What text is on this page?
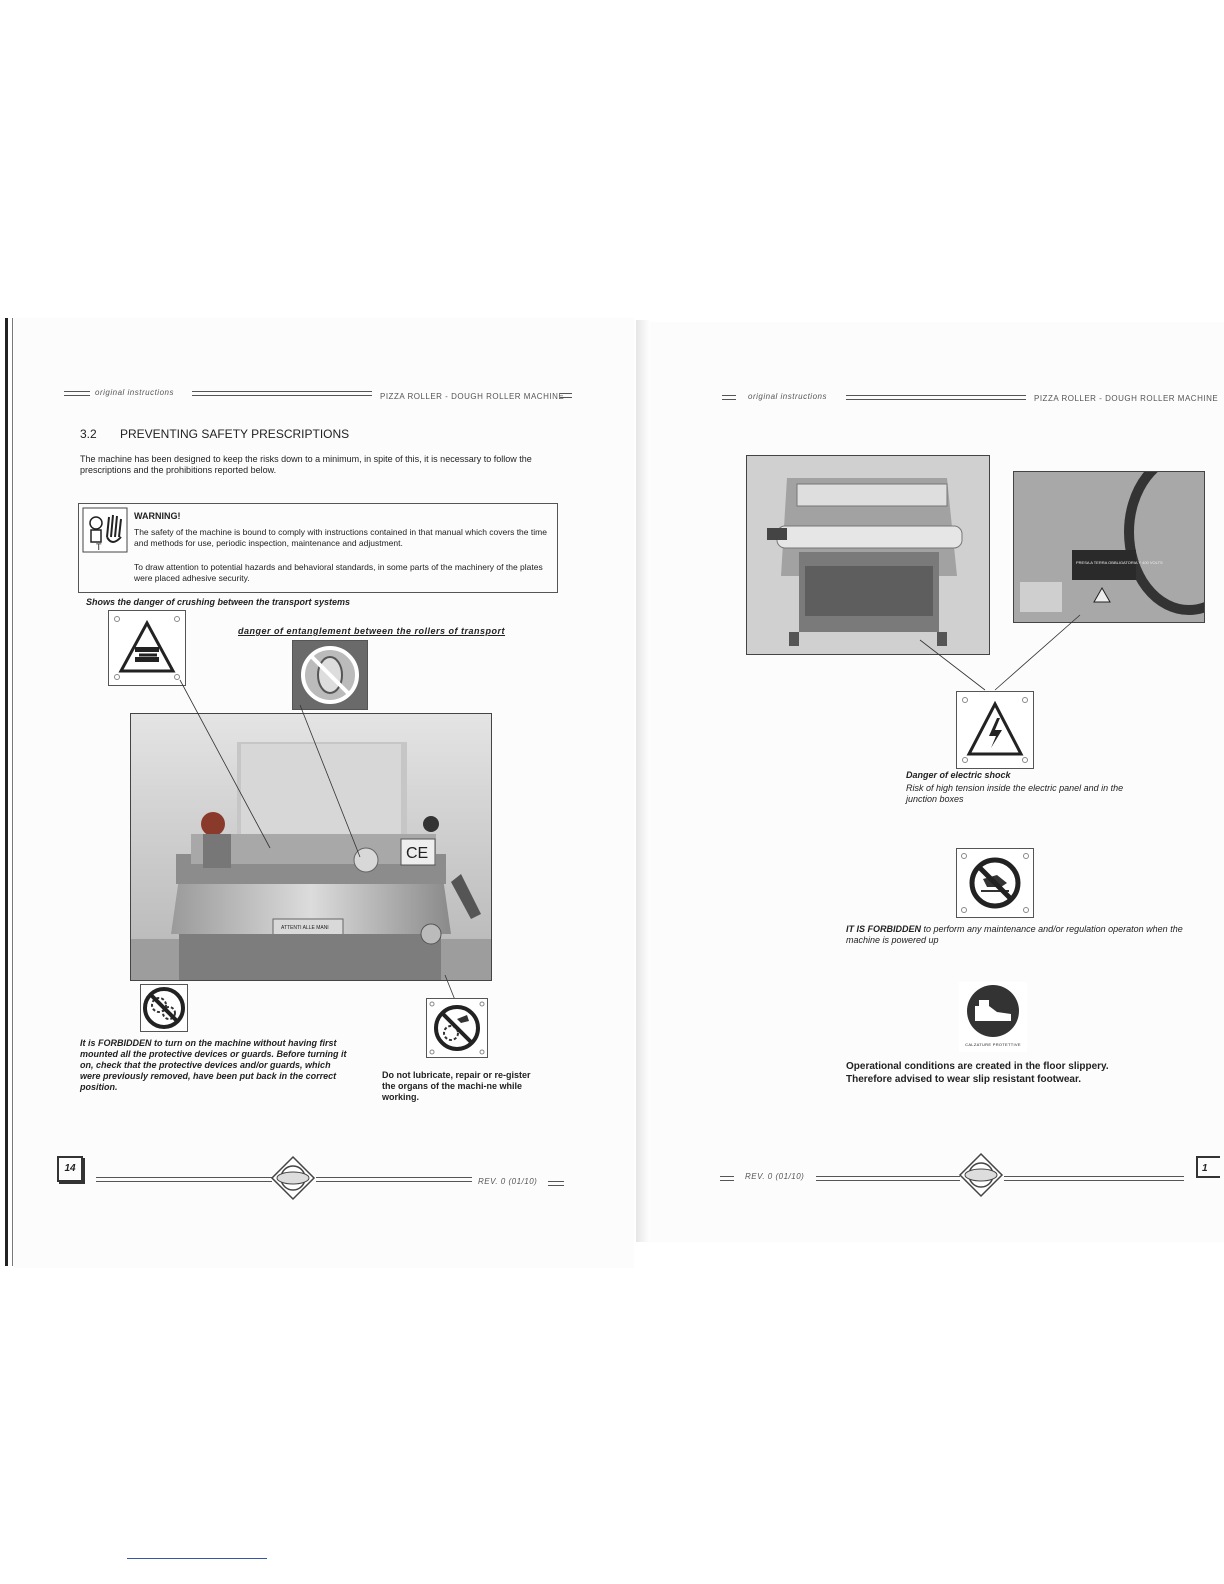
original instructions	PIZZA ROLLER - DOUGH ROLLER MACHINE
3.2 PREVENTING SAFETY PRESCRIPTIONS
The machine has been designed to keep the risks down to a minimum, in spite of this, it is necessary to follow the prescriptions and the prohibitions reported below.
T
WARNING!
The safety of the machine is bound to comply with instructions contained in that manual which covers the time and methods for use, periodic inspection, maintenance and adjustment.
To draw attention to potential hazards and behavioral standards, in some parts of the machinery of the plates were placed adhesive security.
Shows the danger of crushing between the transport systems
danger of entanglement between the rollers of transport
ATTENTI ALLE MANI
CE
It is FORBIDDEN to turn on the machine without having first mounted all the protective devices or guards. Before turning it on, check that the protective devices and/or guards, which were previously removed, have been put back in the correct position.
Do not lubricate, repair or re-gister the organs of the machi-ne while working.
14
REV. 0 (01/10)
original instructions	PIZZA ROLLER - DOUGH ROLLER MACHINE
PRESA A TERRA OBBLIGATORIA Y 400 VOLTS
Danger of electric shock
Risk of high tension inside the electric panel and in the junction boxes
IT IS FORBIDDEN to perform any maintenance and/or regulation operaton when the machine is powered up
CALZATURE PROTETTIVE
Operational conditions are created in the floor slippery. Therefore advised to wear slip resistant footwear.
REV. 0 (01/10)
1
